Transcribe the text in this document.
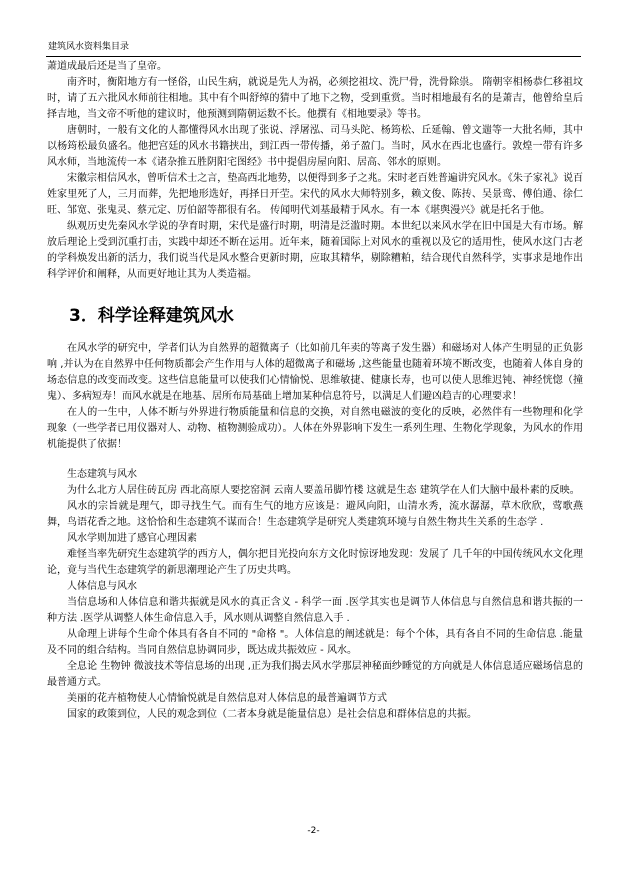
建筑风水资料集目录

萧道成最后还是当了皇帝。

南齐时，衡阳地方有一怪俗，山民生病，就说是先人为祸，必须挖祖坟、洗尸骨，洗骨除祟。 隋朝宰相杨恭仁移祖坟时，请了五六批风水师前往相地。其中有个叫舒绰的猜中了地下之物，受到重赏。当时相地最有名的是萧吉，他曾给皇后择吉地，当文帝不听他的建议时，他预测到隋朝运数不长。他撰有《相地要录》等书。

唐朝时，一般有文化的人都懂得风水出现了张说、浮屠泓、司马头陀、杨筠松、丘延翰、曾文遄等一大批名师，其中以杨筠松最负盛名。他把宫廷的风水书籍挟出，到江西一带传播，弟子盈门。当时，风水在西北也盛行。敦煌一带有许多风水师，当地流传一本《诸杂推五胜阴阳宅图经》书中提倡房屋向阳、居高、邻水的原则。

宋徽宗相信风水，曾听信术士之言，垫高西北地势，以便得到多子之兆。宋时老百姓普遍讲究风水。《朱子家礼》说百姓家里死了人，三月而葬，先把地形选好，再择日开茔。宋代的风水大师特别多，赖文俊、陈抟、吴景鸾、傅伯通、徐仁旺、邹宽、张鬼灵、蔡元定、厉伯韶等都很有名。 传闻明代刘基最精于风水。有一本《堪舆漫兴》就是托名于他。

纵观历史先秦风水学说的孕育时期，宋代是盛行时期，明清是泛滥时期。本世纪以来风水学在旧中国是大有市场。解放后理论上受到沉重打击，实践中却还不断在运用。近年来，随着国际上对风水的重视以及它的适用性，使风水这门古老的学科焕发出新的活力，我们说当代是风水整合更新时期，应取其精华，剔除糟粕，结合现代自然科学，实事求是地作出科学评价和阐释，从而更好地让其为人类造福。

3．科学诠释建筑风水

在风水学的研究中，学者们认为自然界的超微离子（比如前几年卖的等离子发生器）和磁场对人体产生明显的正负影响 ,并认为在自然界中任何物质都会产生作用与人体的超微离子和磁场 ,这些能量也随着环境不断改变，也随着人体自身的场态信息的改变而改变。这些信息能量可以使我们心情愉悦、思维敏捷、健康长寿，也可以使人思维迟钝、神经恍惚（撞鬼）、多病短寿！而风水就是在地基、居所布局基础上增加某种信息符号，以满足人们避凶趋吉的心理要求！

在人的一生中，人体不断与外界进行物质能量和信息的交换，对自然电磁波的变化的反映，必然伴有一些物理和化学现象（一些学者已用仪器对人、动物、植物测验成功）。人体在外界影响下发生一系列生理、生物化学现象，为风水的作用机能提供了依据！

生态建筑与风水

为什么北方人居住砖瓦房 西北高原人要挖窑洞 云南人要盖吊脚竹楼 这就是生态 建筑学在人们大脑中最朴素的反映。

风水的宗旨就是理气，即寻找生气。而有生气的地方应该是：避风向阳，山清水秀，流水潺潺，草木欣欣，莺歌燕舞，鸟语花香之地。这恰恰和生态建筑不谋而合！生态建筑学是研究人类建筑环境与自然生物共生关系的生态学 .

风水学则加进了感官心理因素

难怪当率先研究生态建筑学的西方人，偶尔把目光投向东方文化时惊讶地发现：发展了 几千年的中国传统风水文化理论，竟与当代生态建筑学的新思潮理论产生了历史共鸣。

人体信息与风水

当信息场和人体信息和谐共振就是风水的真正含义 - 科学一面 .医学其实也是调节人体信息与自然信息和谐共振的一种方法 .医学从调整人体生命信息入手，风水则从调整自然信息入手 .

从命理上讲每个生命个体具有各自不同的 "命格 "。人体信息的阐述就是：每个个体，具有各自不同的生命信息 .能量及不同的组合结构。当同自然信息协调同步，既达成共振效应 - 风水。

全息论 生物钟 微波技术等信息场的出现 ,正为我们揭去风水学那层神秘面纱睡觉的方向就是人体信息适应磁场信息的最普通方式。

美丽的花卉植物使人心情愉悦就是自然信息对人体信息的最普遍调节方式

国家的政策到位，人民的观念到位（二者本身就是能量信息）是社会信息和群体信息的共振。

-2-
